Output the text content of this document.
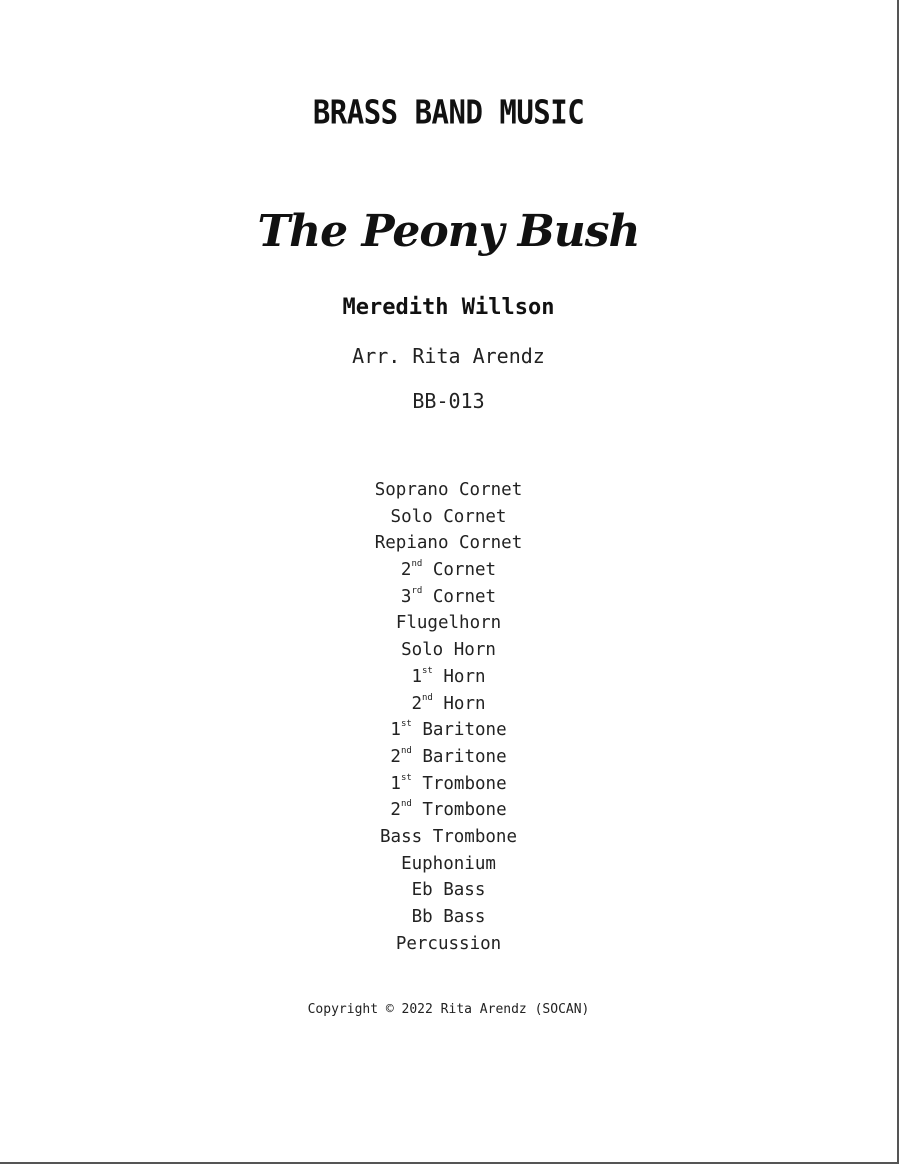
BRASS BAND MUSIC
The Peony Bush
Meredith Willson
Arr. Rita Arendz
BB-013
Soprano Cornet
Solo Cornet
Repiano Cornet
2nd Cornet
3rd Cornet
Flugelhorn
Solo Horn
1st Horn
2nd Horn
1st Baritone
2nd Baritone
1st Trombone
2nd Trombone
Bass Trombone
Euphonium
Eb Bass
Bb Bass
Percussion
Copyright © 2022 Rita Arendz (SOCAN)
